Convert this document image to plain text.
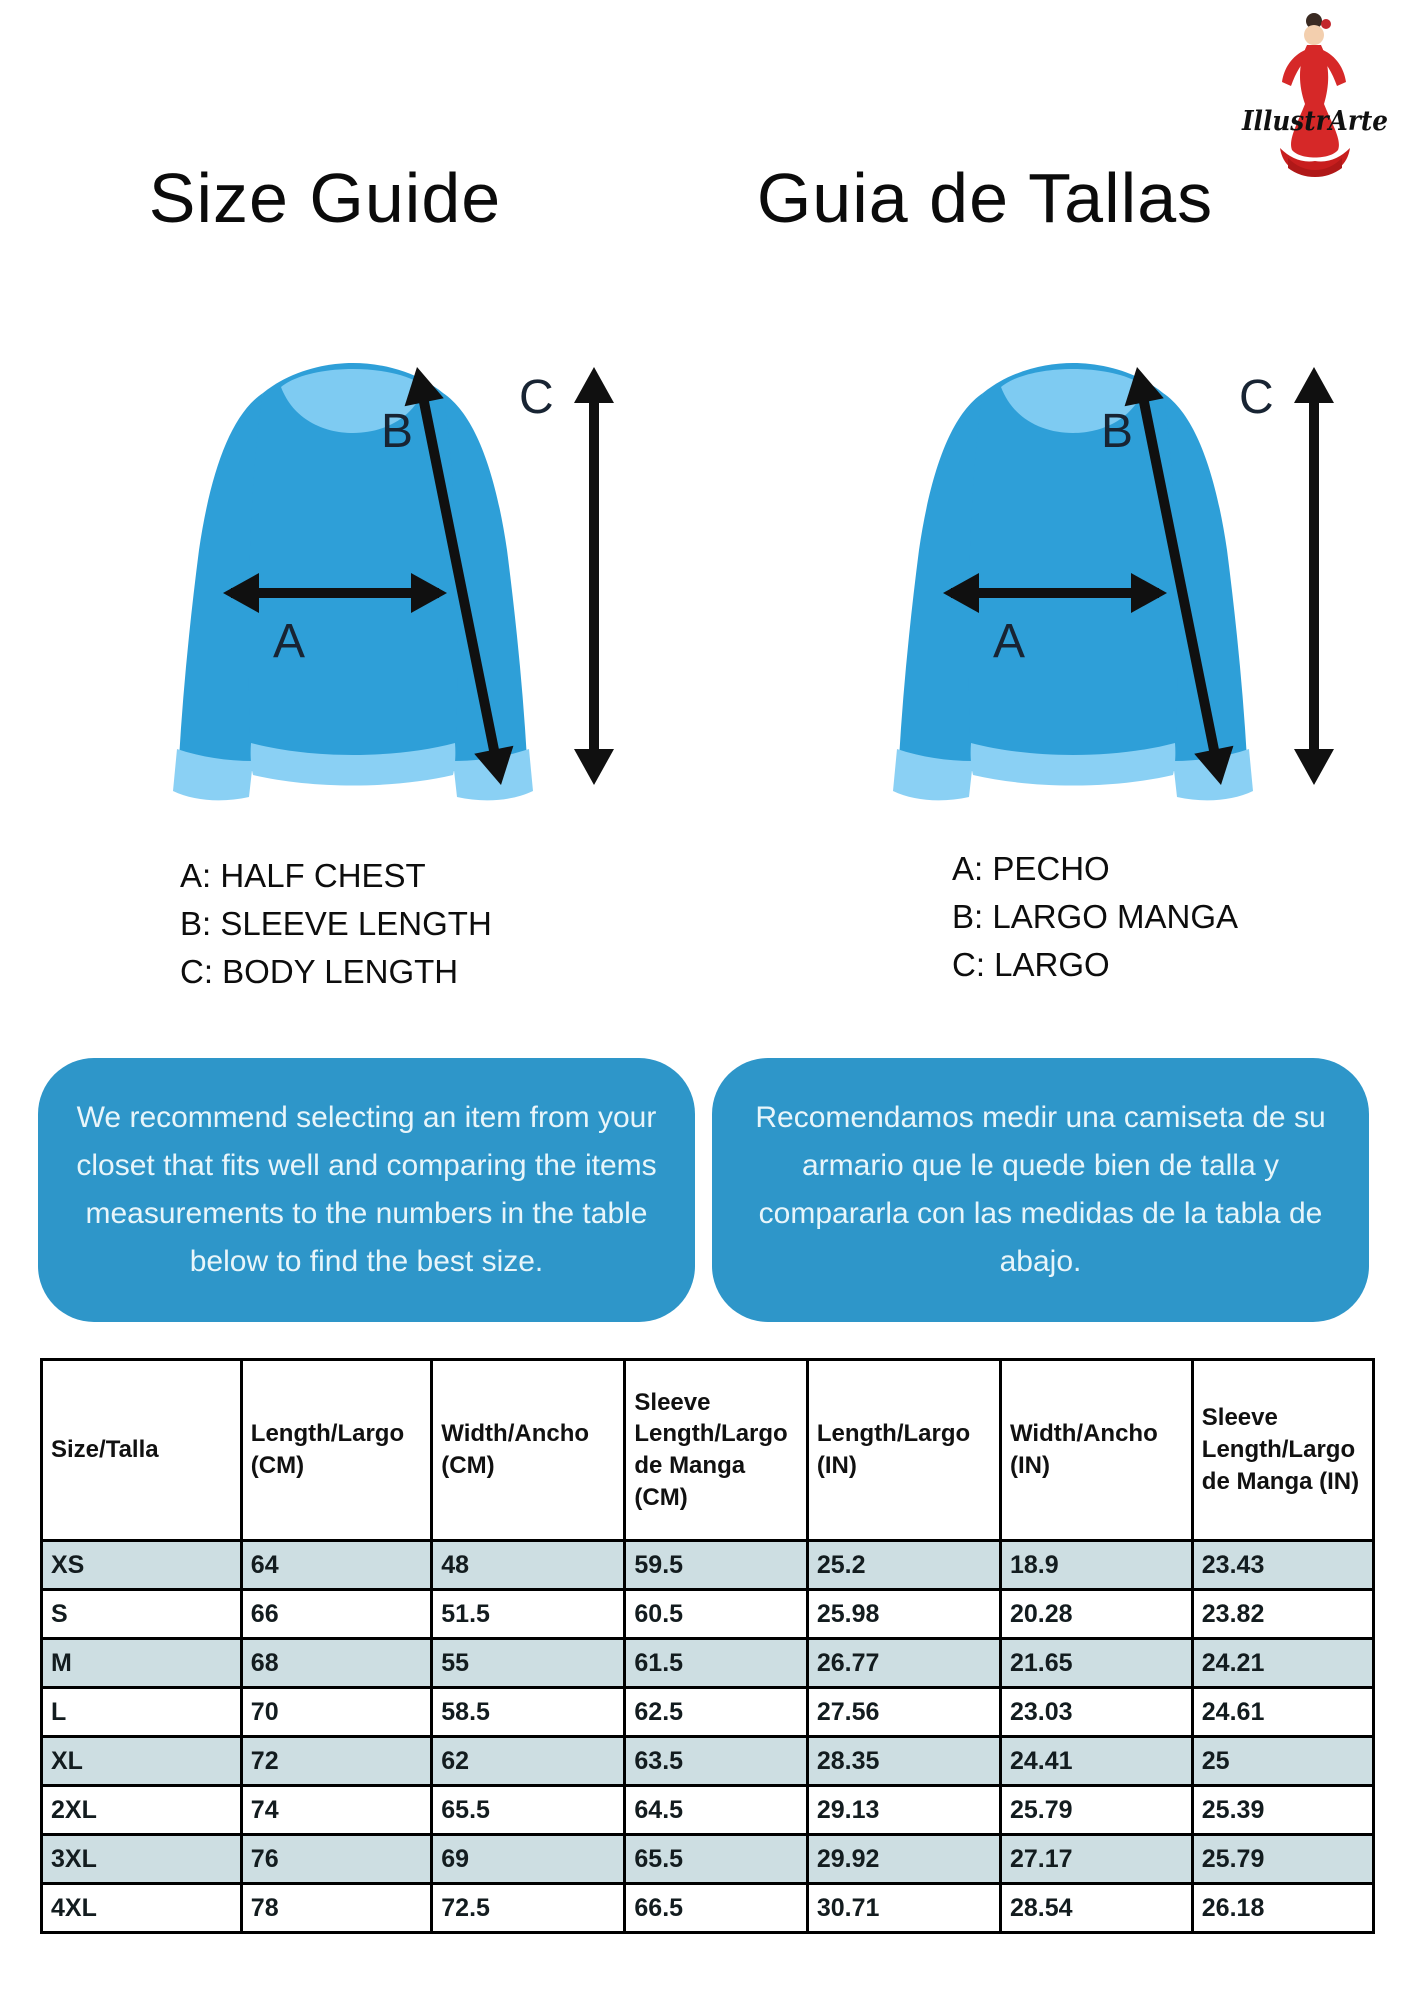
IllustrArte
Size Guide	Guia de Tallas
A
B
C
A
B
C
A: HALF CHEST
B: SLEEVE LENGTH
C: BODY LENGTH
A: PECHO
B: LARGO MANGA
C: LARGO
We recommend selecting an item from your closet that fits well and comparing the items measurements to the numbers in the table below to find the best size.
Recomendamos medir una camiseta de su armario que le quede bien de talla y compararla con las medidas de la tabla de abajo.
Size/Talla	Length/Largo (CM)	Width/Ancho (CM)	Sleeve Length/Largo de Manga (CM)	Length/Largo (IN)	Width/Ancho (IN)	Sleeve Length/Largo de Manga (IN)
XS	64	48	59.5	25.2	18.9	23.43
S	66	51.5	60.5	25.98	20.28	23.82
M	68	55	61.5	26.77	21.65	24.21
L	70	58.5	62.5	27.56	23.03	24.61
XL	72	62	63.5	28.35	24.41	25
2XL	74	65.5	64.5	29.13	25.79	25.39
3XL	76	69	65.5	29.92	27.17	25.79
4XL	78	72.5	66.5	30.71	28.54	26.18
